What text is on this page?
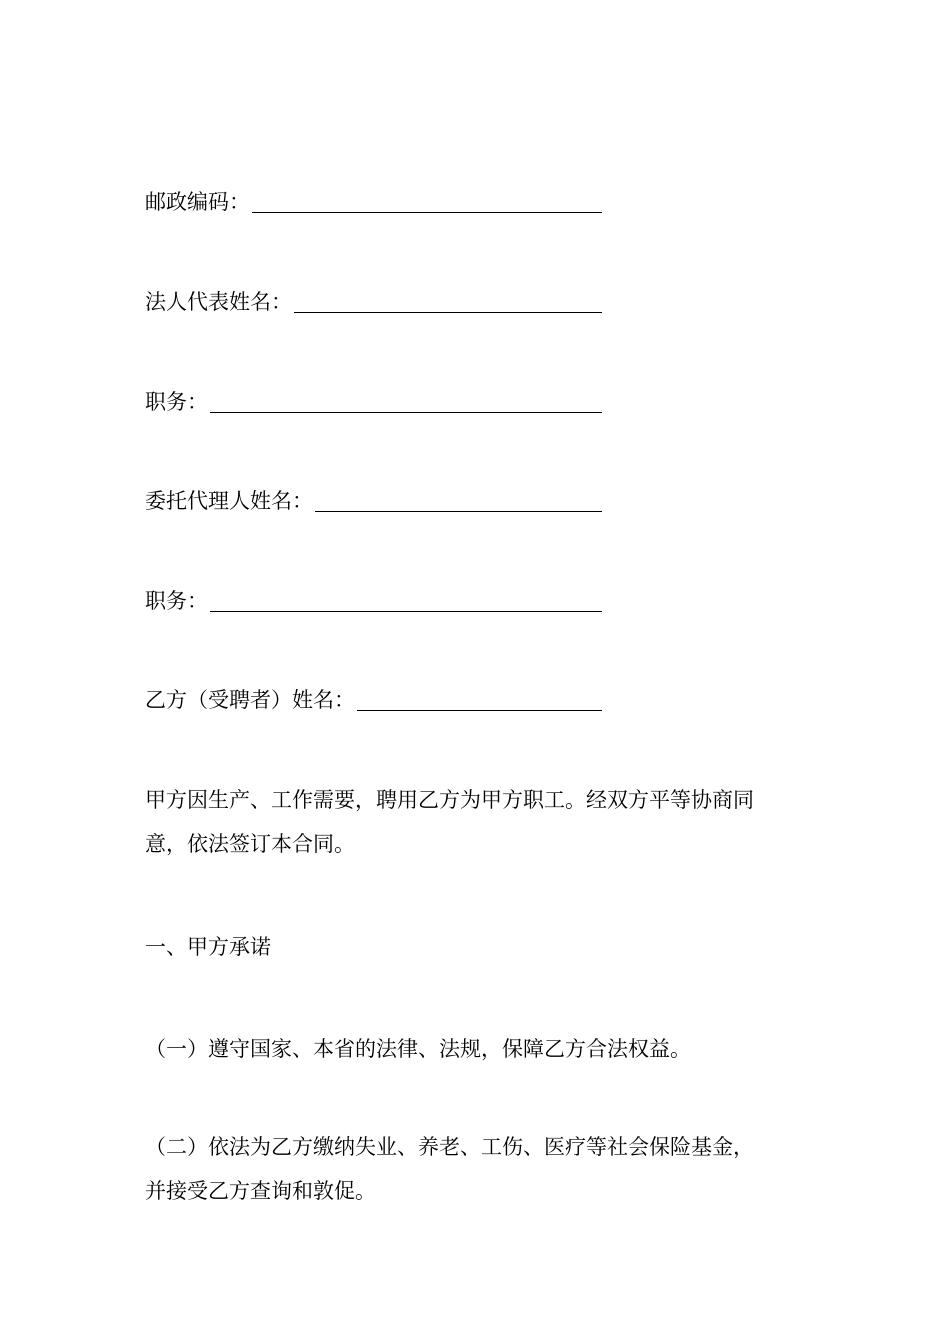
邮政编码：
法人代表姓名：
职务：
委托代理人姓名：
职务：
乙方（受聘者）姓名：
甲方因生产、工作需要，聘用乙方为甲方职工。经双方平等协商同
意，依法签订本合同。
一、甲方承诺
（一）遵守国家、本省的法律、法规，保障乙方合法权益。
（二）依法为乙方缴纳失业、养老、工伤、医疗等社会保险基金，
并接受乙方查询和敦促。
